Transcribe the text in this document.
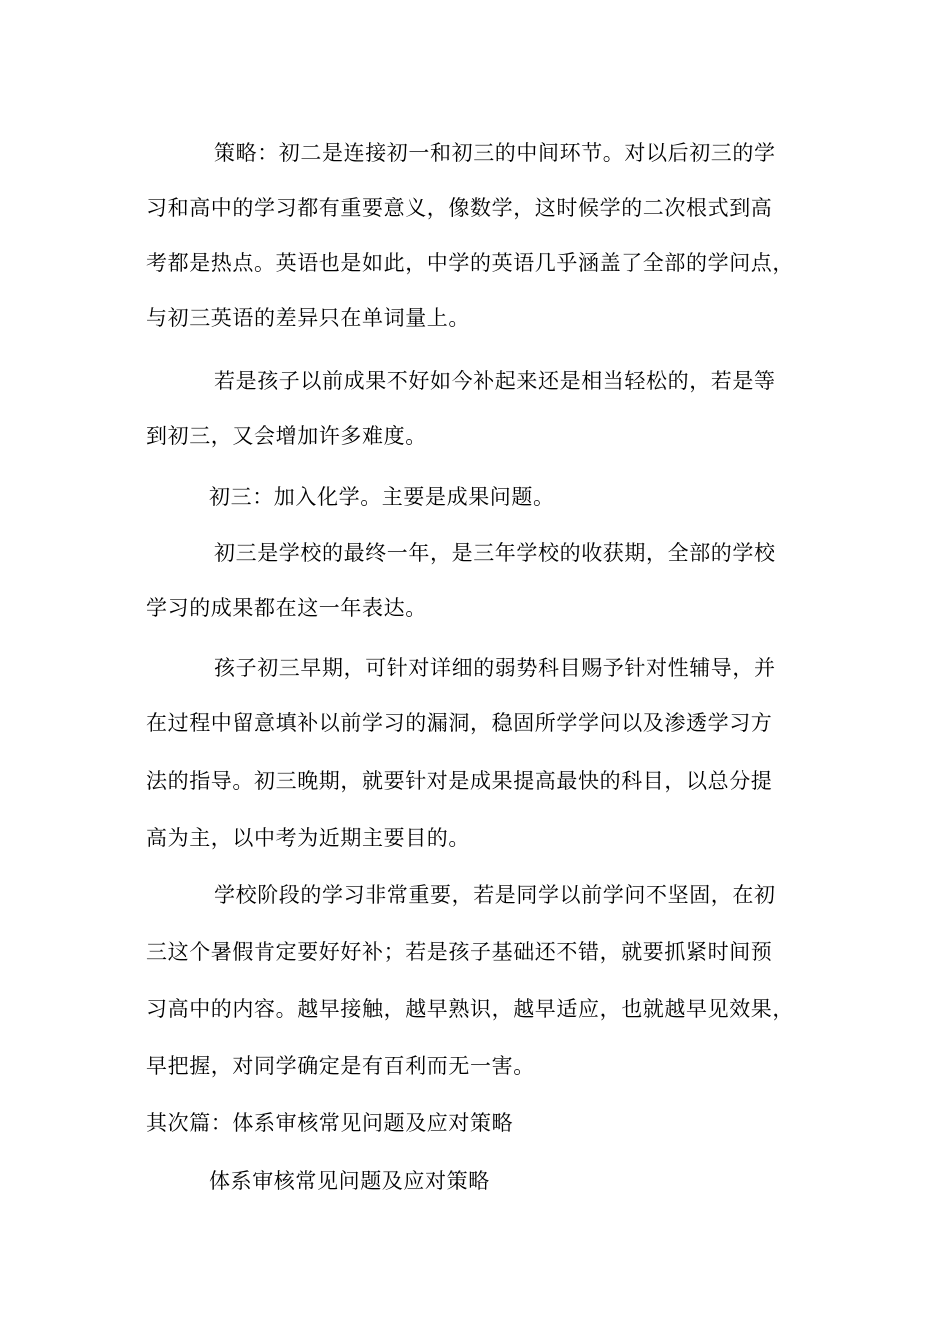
策略：初二是连接初一和初三的中间环节。对以后初三的学
习和高中的学习都有重要意义，像数学，这时候学的二次根式到高
考都是热点。英语也是如此，中学的英语几乎涵盖了全部的学问点，
与初三英语的差异只在单词量上。
若是孩子以前成果不好如今补起来还是相当轻松的，若是等
到初三，又会增加许多难度。
初三：加入化学。主要是成果问题。
初三是学校的最终一年，是三年学校的收获期，全部的学校
学习的成果都在这一年表达。
孩子初三早期，可针对详细的弱势科目赐予针对性辅导，并
在过程中留意填补以前学习的漏洞，稳固所学学问以及渗透学习方
法的指导。初三晚期，就要针对是成果提高最快的科目，以总分提
高为主，以中考为近期主要目的。
学校阶段的学习非常重要，若是同学以前学问不坚固，在初
三这个暑假肯定要好好补；若是孩子基础还不错，就要抓紧时间预
习高中的内容。越早接触，越早熟识，越早适应，也就越早见效果，
早把握，对同学确定是有百利而无一害。
其次篇：体系审核常见问题及应对策略
体系审核常见问题及应对策略
